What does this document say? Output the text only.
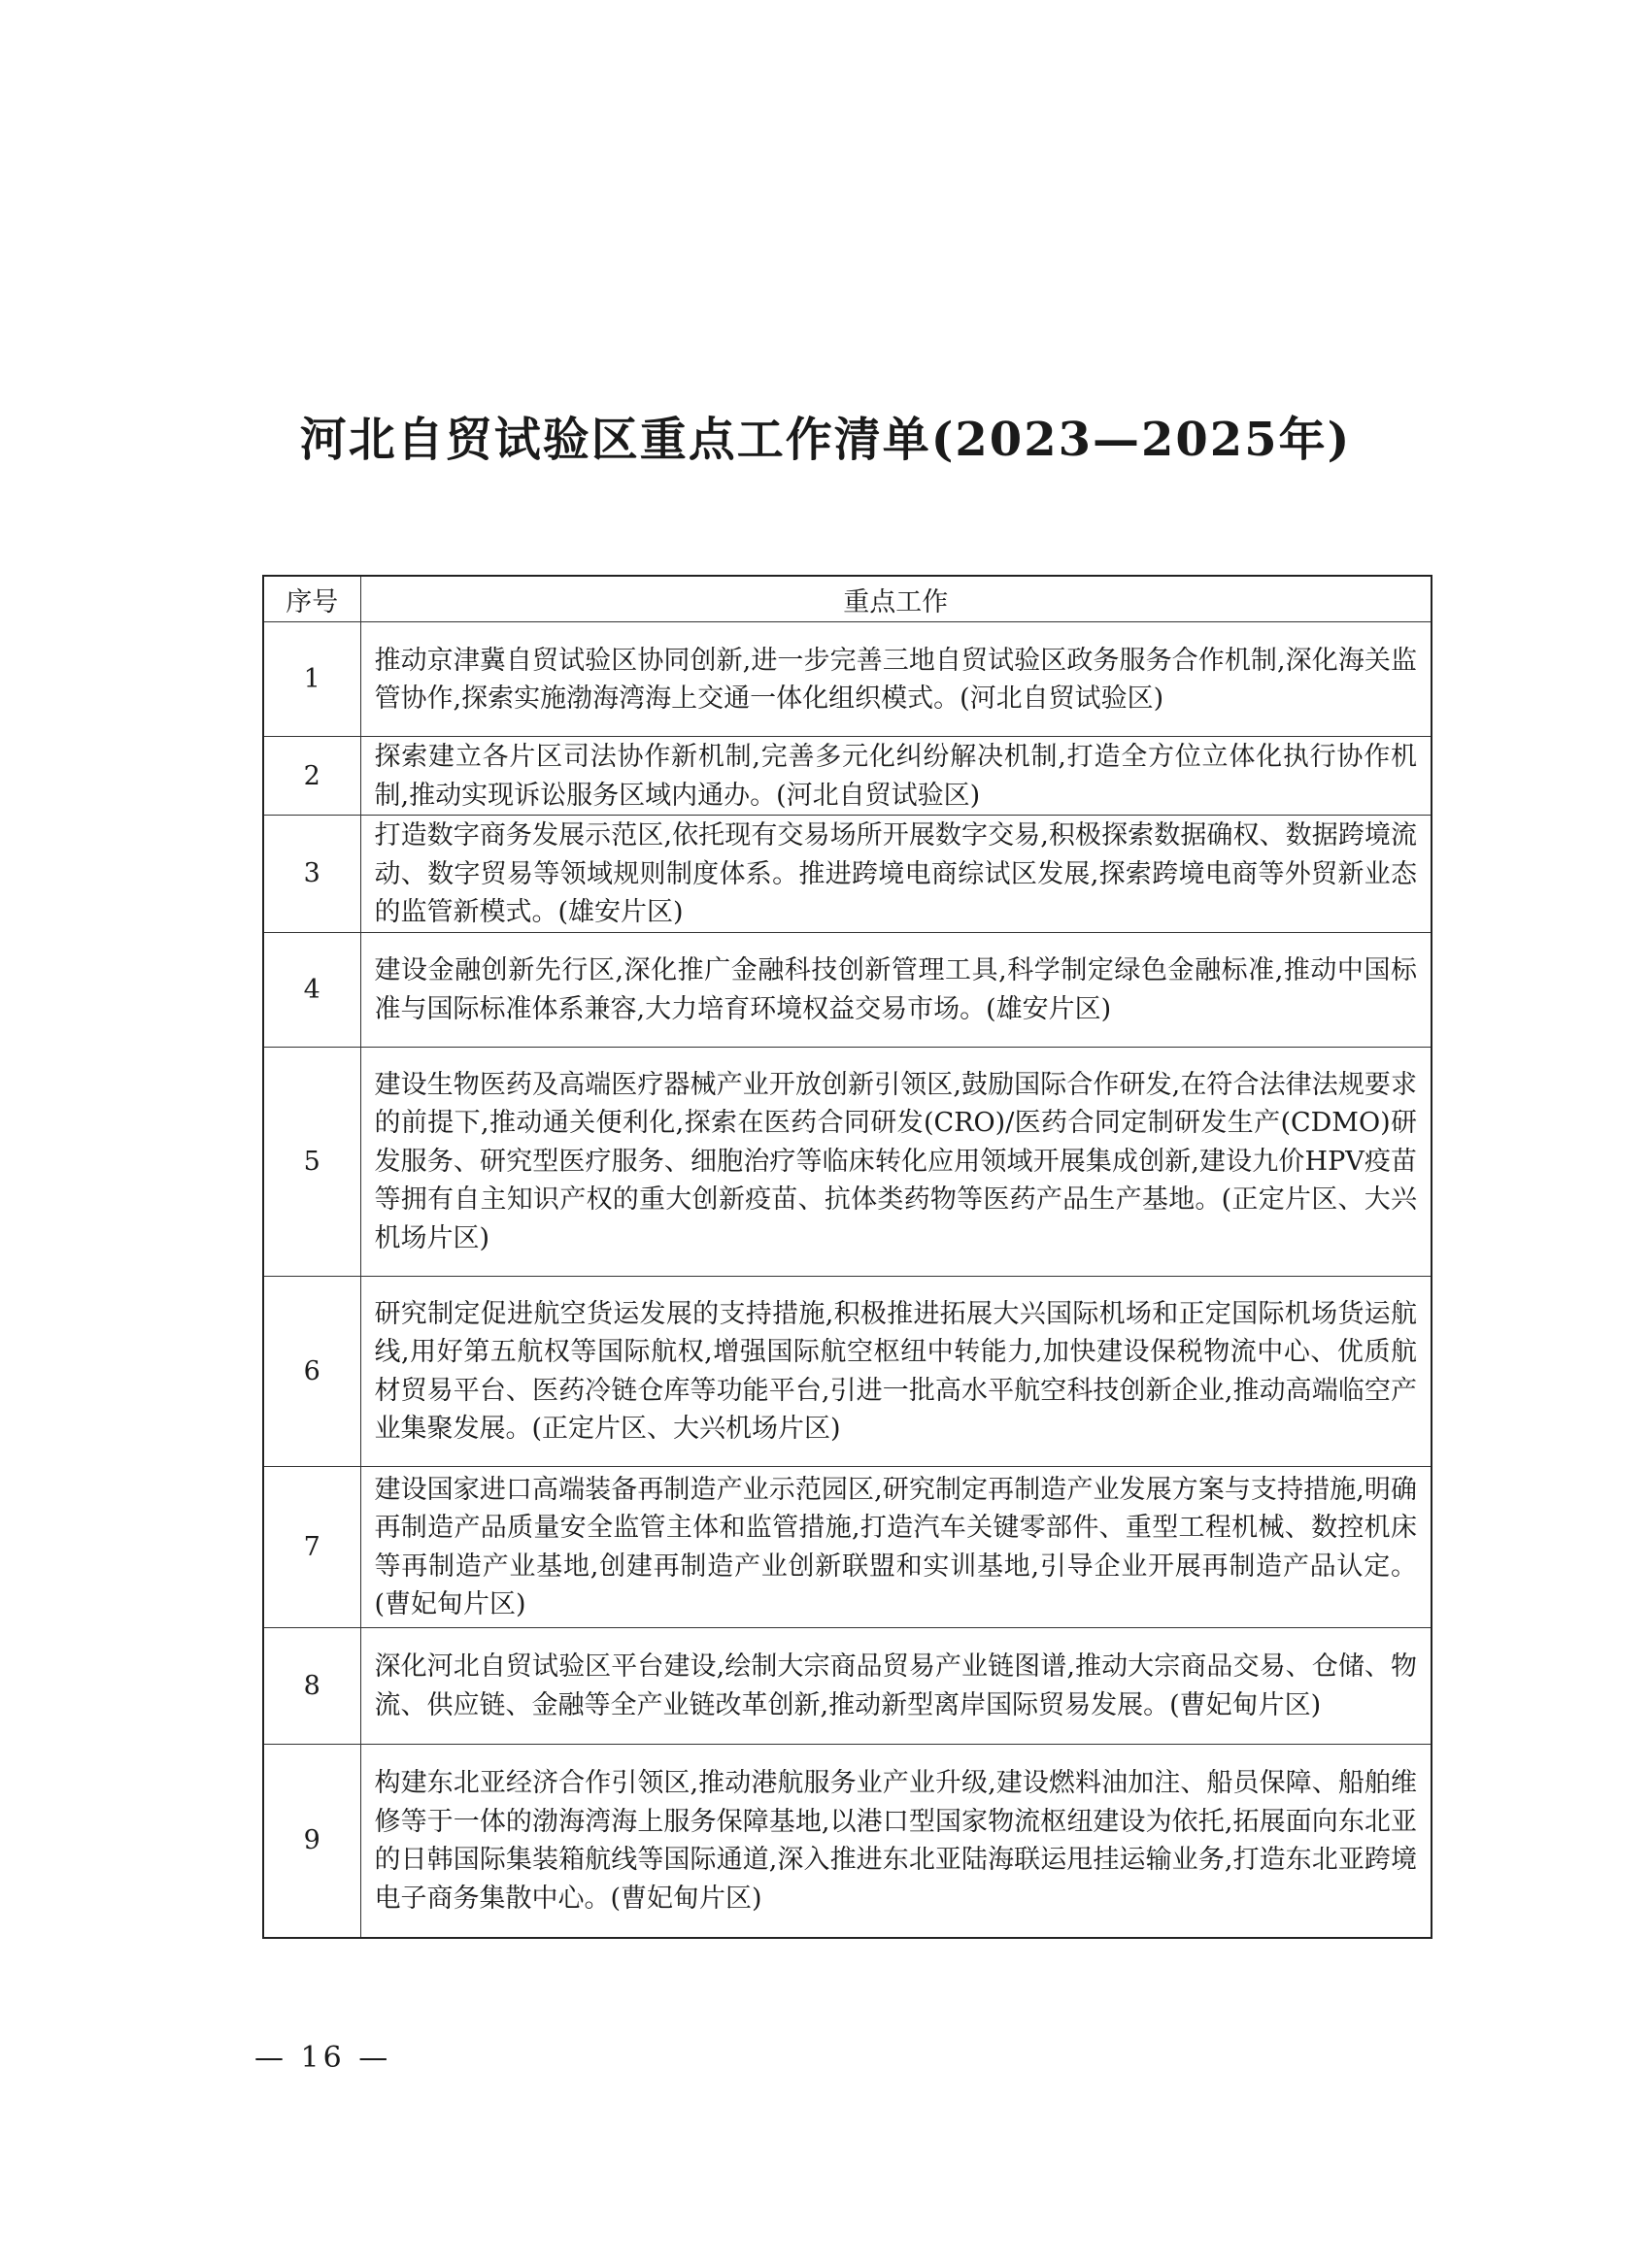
河北自贸试验区重点工作清单(2023—2025年)
序号	重点工作
1	推动京津冀自贸试验区协同创新,进一步完善三地自贸试验区政务服务合作机制,深化海关监管协作,探索实施渤海湾海上交通一体化组织模式。(河北自贸试验区)
2	探索建立各片区司法协作新机制,完善多元化纠纷解决机制,打造全方位立体化执行协作机制,推动实现诉讼服务区域内通办。(河北自贸试验区)
3	打造数字商务发展示范区,依托现有交易场所开展数字交易,积极探索数据确权、数据跨境流动、数字贸易等领域规则制度体系。推进跨境电商综试区发展,探索跨境电商等外贸新业态的监管新模式。(雄安片区)
4	建设金融创新先行区,深化推广金融科技创新管理工具,科学制定绿色金融标准,推动中国标准与国际标准体系兼容,大力培育环境权益交易市场。(雄安片区)
5	建设生物医药及高端医疗器械产业开放创新引领区,鼓励国际合作研发,在符合法律法规要求的前提下,推动通关便利化,探索在医药合同研发(CRO)/医药合同定制研发生产(CDMO)研发服务、研究型医疗服务、细胞治疗等临床转化应用领域开展集成创新,建设九价HPV疫苗等拥有自主知识产权的重大创新疫苗、抗体类药物等医药产品生产基地。(正定片区、大兴机场片区)
6	研究制定促进航空货运发展的支持措施,积极推进拓展大兴国际机场和正定国际机场货运航线,用好第五航权等国际航权,增强国际航空枢纽中转能力,加快建设保税物流中心、优质航材贸易平台、医药冷链仓库等功能平台,引进一批高水平航空科技创新企业,推动高端临空产业集聚发展。(正定片区、大兴机场片区)
7	建设国家进口高端装备再制造产业示范园区,研究制定再制造产业发展方案与支持措施,明确再制造产品质量安全监管主体和监管措施,打造汽车关键零部件、重型工程机械、数控机床等再制造产业基地,创建再制造产业创新联盟和实训基地,引导企业开展再制造产品认定。(曹妃甸片区)
8	深化河北自贸试验区平台建设,绘制大宗商品贸易产业链图谱,推动大宗商品交易、仓储、物流、供应链、金融等全产业链改革创新,推动新型离岸国际贸易发展。(曹妃甸片区)
9	构建东北亚经济合作引领区,推动港航服务业产业升级,建设燃料油加注、船员保障、船舶维修等于一体的渤海湾海上服务保障基地,以港口型国家物流枢纽建设为依托,拓展面向东北亚的日韩国际集装箱航线等国际通道,深入推进东北亚陆海联运甩挂运输业务,打造东北亚跨境电子商务集散中心。(曹妃甸片区)
— 16 —
